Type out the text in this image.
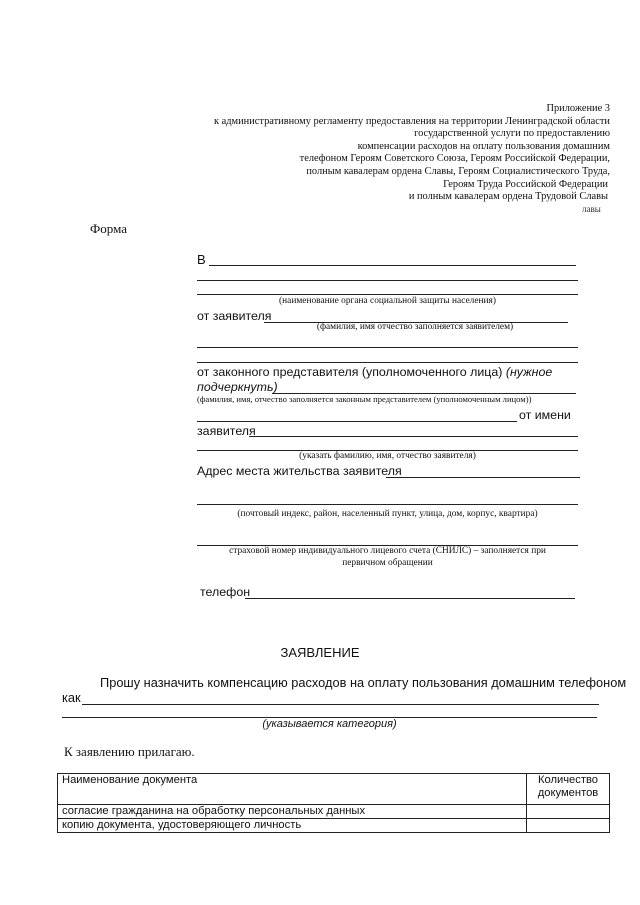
Приложение 3
к административному регламенту предоставления на территории Ленинградской области
государственной услуги по предоставлению
компенсации расходов на оплату пользования домашним
телефоном Героям Советского Союза, Героям Российской Федерации,
полным кавалерам ордена Славы, Героям Социалистического Труда,
Героям Труда Российской Федерации
и полным кавалерам ордена Трудовой Славы
лавы
Форма
В
(наименование органа социальной защиты населения)
от заявителя
(фамилия, имя отчество заполняется заявителем)
от законного представителя (уполномоченного лица) (нужное
подчеркнуть)
(фамилия, имя, отчество заполняется законным представителем (уполномоченным лицом))
от имени
заявителя
(указать фамилию, имя, отчество заявителя)
Адрес места жительства заявителя
(почтовый индекс, район, населенный пункт, улица, дом, корпус, квартира)
страховой номер индивидуального лицевого счета (СНИЛС) – заполняется при
первичном обращении
телефон
ЗАЯВЛЕНИЕ
Прошу назначить компенсацию расходов на оплату пользования домашним телефоном
как
(указывается категория)
К заявлению прилагаю.
Наименование документа	Количество документов
согласие гражданина на обработку персональных данных	
копию документа, удостоверяющего личность	
